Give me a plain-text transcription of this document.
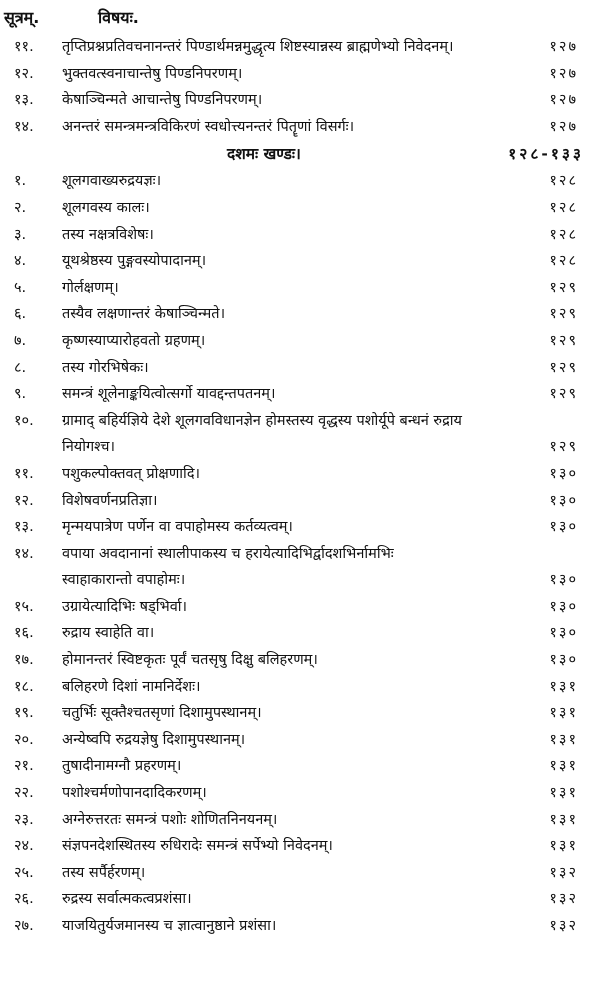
सूत्रम्.	विषयः.
११.	तृप्तिप्रश्नप्रतिवचनानन्तरं पिण्डार्थमन्नमुद्धृत्य शिष्टस्यान्नस्य ब्राह्मणेभ्यो निवेदनम्।	१२७
१२.	भुक्तवत्स्वनाचान्तेषु पिण्डनिपरणम्।	१२७
१३.	केषाञ्चिन्मते आचान्तेषु पिण्डनिपरणम्।	१२७
१४.	अनन्तरं समन्त्रमन्त्रविकिरणं स्वधोत्त्यनन्तरं पितॄणां विसर्गः।	१२७
दशमः खण्डः।	१२८-१३३
१.	शूलगवाख्यरुद्रयज्ञः।	१२८
२.	शूलगवस्य कालः।	१२८
३.	तस्य नक्षत्रविशेषः।	१२८
४.	यूथश्रेष्ठस्य पुङ्गवस्योपादानम्।	१२८
५.	गोर्लक्षणम्।	१२९
६.	तस्यैव लक्षणान्तरं केषाञ्चिन्मते।	१२९
७.	कृष्णस्याप्यारोहवतो ग्रहणम्।	१२९
८.	तस्य गोरभिषेकः।	१२९
९.	समन्त्रं शूलेनाङ्कयित्वोत्सर्गो यावद्दन्तपतनम्।	१२९
१०.	ग्रामाद् बहिर्यज्ञिये देशे शूलगवविधानज्ञेन होमस्तस्य वृद्धस्य पशोर्यूपे बन्धनं रुद्राय
नियोगश्च।	१२९
११.	पशुकल्पोक्तवत् प्रोक्षणादि।	१३०
१२.	विशेषवर्णनप्रतिज्ञा।	१३०
१३.	मृन्मयपात्रेण पर्णेन वा वपाहोमस्य कर्तव्यत्वम्।	१३०
१४.	वपाया अवदानानां स्थालीपाकस्य च हरायेत्यादिभिर्द्वादशभिर्नामभिः
स्वाहाकारान्तो वपाहोमः।	१३०
१५.	उग्रायेत्यादिभिः षड्भिर्वा।	१३०
१६.	रुद्राय स्वाहेति वा।	१३०
१७.	होमानन्तरं स्विष्टकृतः पूर्वं चतसृषु दिक्षु बलिहरणम्।	१३०
१८.	बलिहरणे दिशां नामनिर्देशः।	१३१
१९.	चतुर्भिः सूक्तैश्चतसृणां दिशामुपस्थानम्।	१३१
२०.	अन्येष्वपि रुद्रयज्ञेषु दिशामुपस्थानम्।	१३१
२१.	तुषादीनामग्नौ प्रहरणम्।	१३१
२२.	पशोश्चर्मणोपानदादिकरणम्।	१३१
२३.	अग्नेरुत्तरतः समन्त्रं पशोः शोणितनिनयनम्।	१३१
२४.	संज्ञपनदेशस्थितस्य रुधिरादेः समन्त्रं सर्पेभ्यो निवेदनम्।	१३१
२५.	तस्य सर्पैर्हरणम्।	१३२
२६.	रुद्रस्य सर्वात्मकत्वप्रशंसा।	१३२
२७.	याजयितुर्यजमानस्य च ज्ञात्वानुष्ठाने प्रशंसा।	१३२
